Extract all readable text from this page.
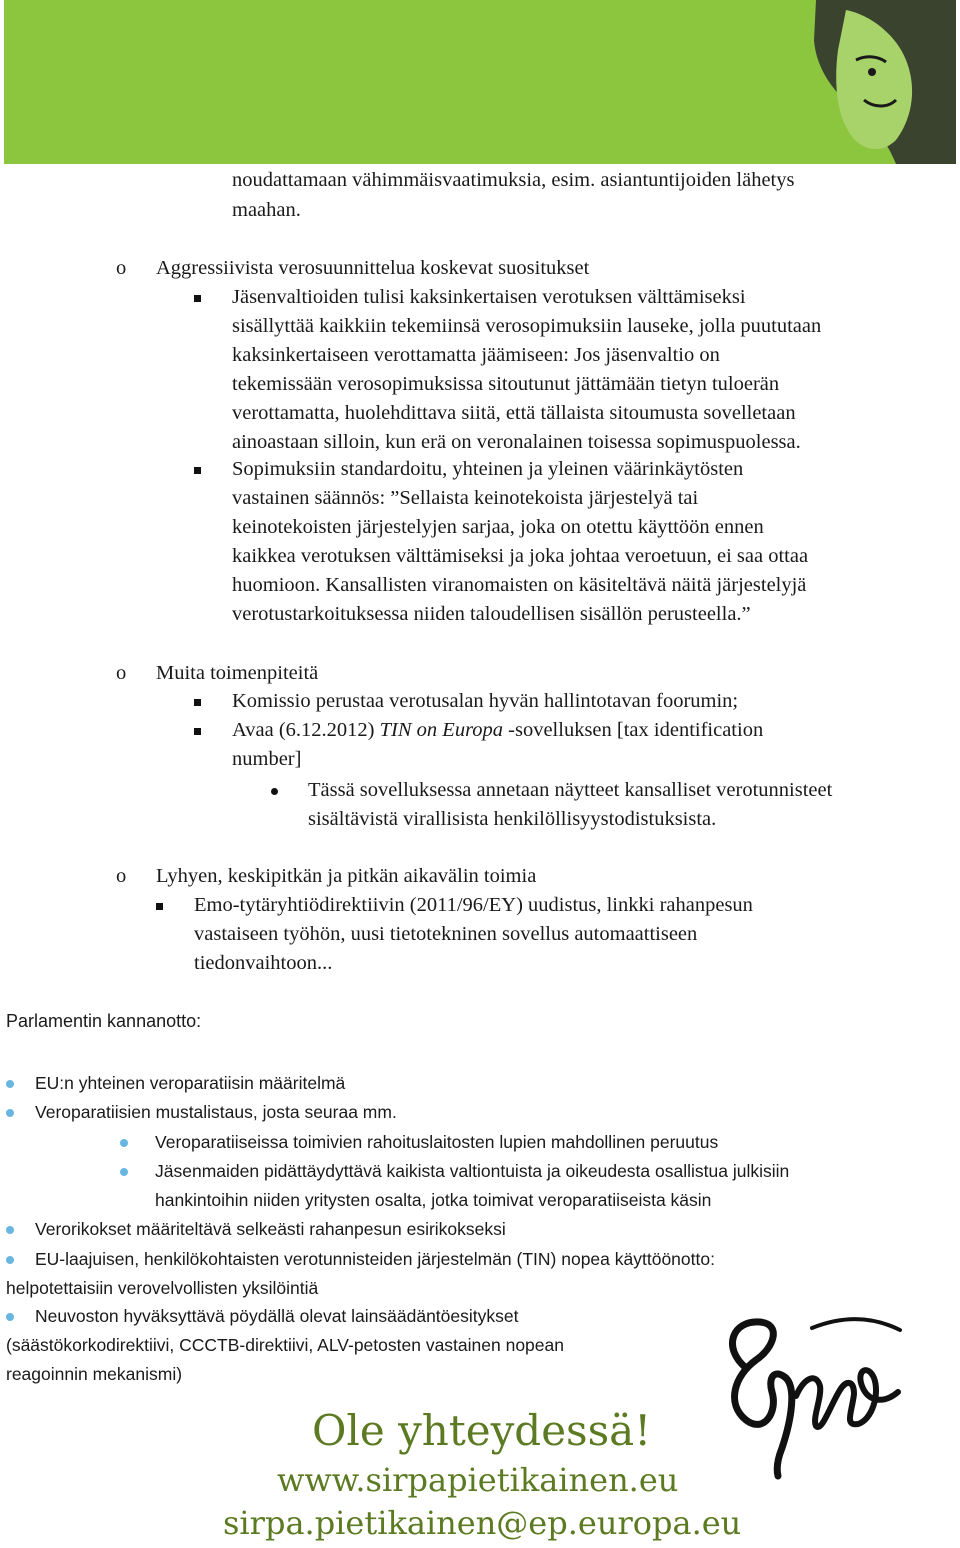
noudattamaan vähimmäisvaatimuksia, esim. asiantuntijoiden lähetys
maahan.
o	Aggressiivista verosuunnittelua koskevat suositukset
Jäsenvaltioiden tulisi kaksinkertaisen verotuksen välttämiseksi
sisällyttää kaikkiin tekemiinsä verosopimuksiin lauseke, jolla puututaan
kaksinkertaiseen verottamatta jäämiseen: Jos jäsenvaltio on
tekemissään verosopimuksissa sitoutunut jättämään tietyn tuloerän
verottamatta, huolehdittava siitä, että tällaista sitoumusta sovelletaan
ainoastaan silloin, kun erä on veronalainen toisessa sopimuspuolessa.
Sopimuksiin standardoitu, yhteinen ja yleinen väärinkäytösten
vastainen säännös: ”Sellaista keinotekoista järjestelyä tai
keinotekoisten järjestelyjen sarjaa, joka on otettu käyttöön ennen
kaikkea verotuksen välttämiseksi ja joka johtaa veroetuun, ei saa ottaa
huomioon. Kansallisten viranomaisten on käsiteltävä näitä järjestelyjä
verotustarkoituksessa niiden taloudellisen sisällön perusteella.”
o	Muita toimenpiteitä
Komissio perustaa verotusalan hyvän hallintotavan foorumin;
Avaa (6.12.2012) TIN on Europa -sovelluksen [tax identification
number]
Tässä sovelluksessa annetaan näytteet kansalliset verotunnisteet
sisältävistä virallisista henkilöllisyystodistuksista.
o	Lyhyen, keskipitkän ja pitkän aikavälin toimia
Emo-tytäryhtiödirektiivin (2011/96/EY) uudistus, linkki rahanpesun
vastaiseen työhön, uusi tietotekninen sovellus automaattiseen
tiedonvaihtoon...
Parlamentin kannanotto:
EU:n yhteinen veroparatiisin määritelmä
Veroparatiisien mustalistaus, josta seuraa mm.
Veroparatiiseissa toimivien rahoituslaitosten lupien mahdollinen peruutus
Jäsenmaiden pidättäydyttävä kaikista valtiontuista ja oikeudesta osallistua julkisiin
hankintoihin niiden yritysten osalta, jotka toimivat veroparatiiseista käsin
Verorikokset määriteltävä selkeästi rahanpesun esirikokseksi
EU-laajuisen, henkilökohtaisten verotunnisteiden järjestelmän (TIN) nopea käyttöönotto:
helpotettaisiin verovelvollisten yksilöintiä
Neuvoston hyväksyttävä pöydällä olevat lainsäädäntöesitykset
(säästökorkodirektiivi, CCCTB-direktiivi, ALV-petosten vastainen nopean
reagoinnin mekanismi)
Ole yhteydessä!
www.sirpapietikainen.eu
sirpa.pietikainen@ep.europa.eu
